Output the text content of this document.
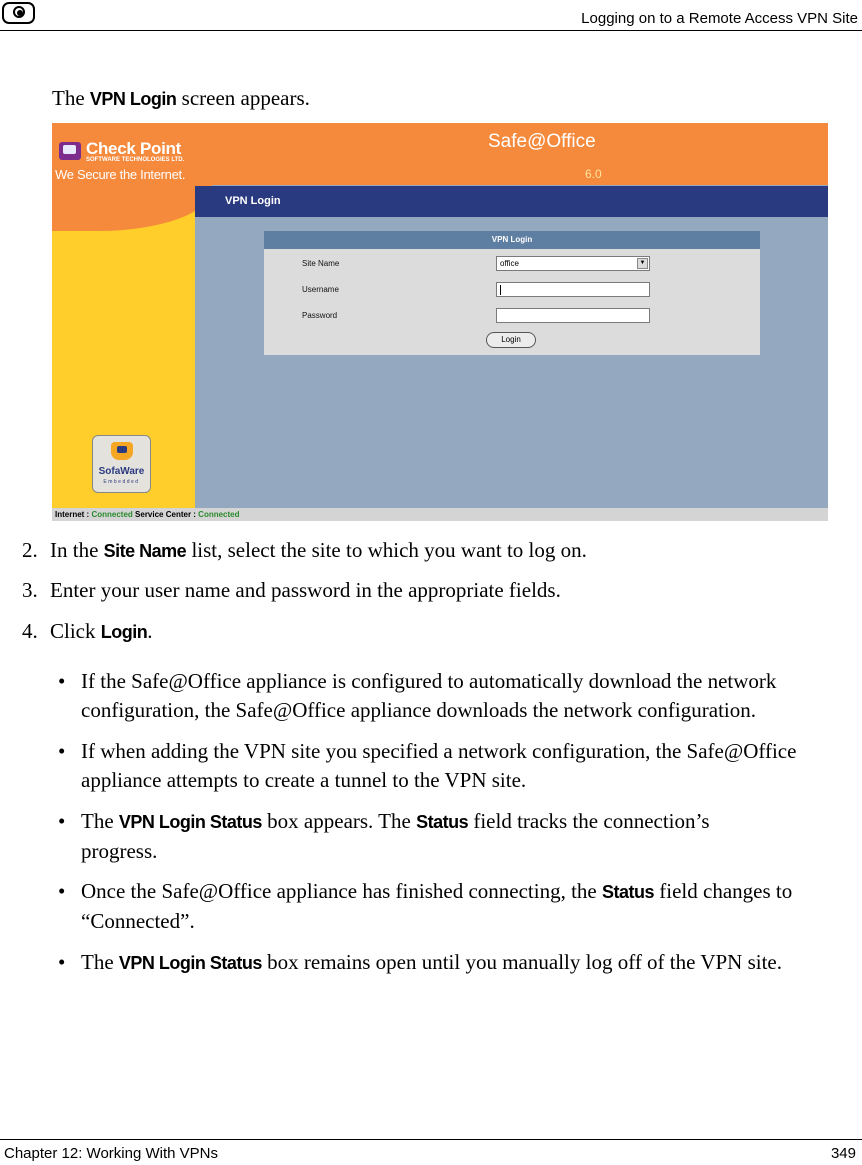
Logging on to a Remote Access VPN Site
The VPN Login screen appears.
Check Point
SOFTWARE TECHNOLOGIES LTD.
We Secure the Internet.
Safe@Office
6.0
VPN Login
VPN Login
Site Name	office	▼
Username
Password
Login
SofaWare
Embedded
Internet : Connected Service Center : Connected
2. In the Site Name list, select the site to which you want to log on.
3. Enter your user name and password in the appropriate fields.
4. Click Login.
• If the Safe@Office appliance is configured to automatically download the network configuration, the Safe@Office appliance downloads the network configuration.
• If when adding the VPN site you specified a network configuration, the Safe@Office appliance attempts to create a tunnel to the VPN site.
• The VPN Login Status box appears. The Status field tracks the connection’s progress.
• Once the Safe@Office appliance has finished connecting, the Status field changes to “Connected”.
• The VPN Login Status box remains open until you manually log off of the VPN site.
Chapter 12: Working With VPNs	349
